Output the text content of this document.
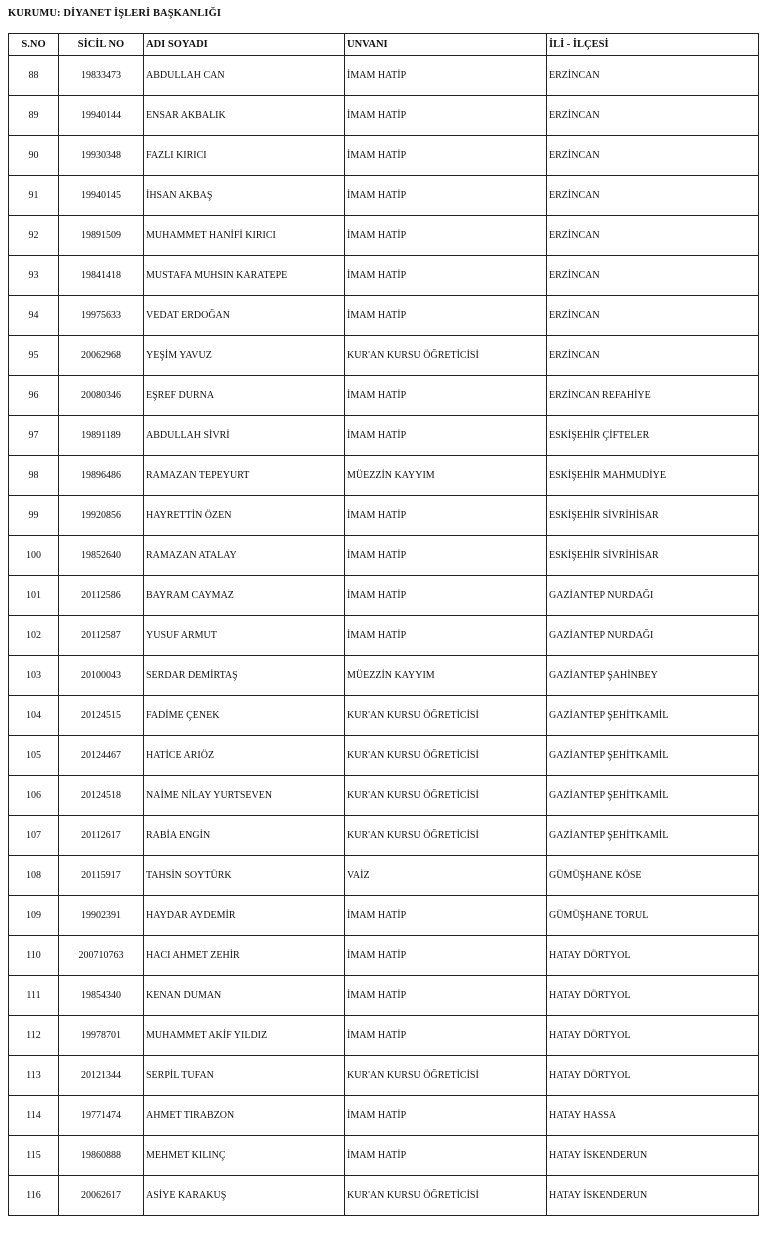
KURUMU: DİYANET İŞLERİ BAŞKANLIĞI
S.NO	SİCİL NO	ADI SOYADI	UNVANI	İLİ - İLÇESİ
88	19833473	ABDULLAH CAN	İMAM HATİP	ERZİNCAN
89	19940144	ENSAR AKBALIK	İMAM HATİP	ERZİNCAN
90	19930348	FAZLI KIRICI	İMAM HATİP	ERZİNCAN
91	19940145	İHSAN AKBAŞ	İMAM HATİP	ERZİNCAN
92	19891509	MUHAMMET HANİFİ KIRICI	İMAM HATİP	ERZİNCAN
93	19841418	MUSTAFA MUHSIN KARATEPE	İMAM HATİP	ERZİNCAN
94	19975633	VEDAT ERDOĞAN	İMAM HATİP	ERZİNCAN
95	20062968	YEŞİM YAVUZ	KUR'AN KURSU ÖĞRETİCİSİ	ERZİNCAN
96	20080346	EŞREF DURNA	İMAM HATİP	ERZİNCAN REFAHİYE
97	19891189	ABDULLAH SİVRİ	İMAM HATİP	ESKİŞEHİR ÇİFTELER
98	19896486	RAMAZAN TEPEYURT	MÜEZZİN KAYYIM	ESKİŞEHİR MAHMUDİYE
99	19920856	HAYRETTİN ÖZEN	İMAM HATİP	ESKİŞEHİR SİVRİHİSAR
100	19852640	RAMAZAN ATALAY	İMAM HATİP	ESKİŞEHİR SİVRİHİSAR
101	20112586	BAYRAM CAYMAZ	İMAM HATİP	GAZİANTEP NURDAĞI
102	20112587	YUSUF ARMUT	İMAM HATİP	GAZİANTEP NURDAĞI
103	20100043	SERDAR DEMİRTAŞ	MÜEZZİN KAYYIM	GAZİANTEP ŞAHİNBEY
104	20124515	FADİME ÇENEK	KUR'AN KURSU ÖĞRETİCİSİ	GAZİANTEP ŞEHİTKAMİL
105	20124467	HATİCE ARIÖZ	KUR'AN KURSU ÖĞRETİCİSİ	GAZİANTEP ŞEHİTKAMİL
106	20124518	NAİME NİLAY YURTSEVEN	KUR'AN KURSU ÖĞRETİCİSİ	GAZİANTEP ŞEHİTKAMİL
107	20112617	RABİA ENGİN	KUR'AN KURSU ÖĞRETİCİSİ	GAZİANTEP ŞEHİTKAMİL
108	20115917	TAHSİN SOYTÜRK	VAİZ	GÜMÜŞHANE KÖSE
109	19902391	HAYDAR AYDEMİR	İMAM HATİP	GÜMÜŞHANE TORUL
110	200710763	HACI AHMET ZEHİR	İMAM HATİP	HATAY DÖRTYOL
111	19854340	KENAN DUMAN	İMAM HATİP	HATAY DÖRTYOL
112	19978701	MUHAMMET AKİF YILDIZ	İMAM HATİP	HATAY DÖRTYOL
113	20121344	SERPİL TUFAN	KUR'AN KURSU ÖĞRETİCİSİ	HATAY DÖRTYOL
114	19771474	AHMET TIRABZON	İMAM HATİP	HATAY HASSA
115	19860888	MEHMET KILINÇ	İMAM HATİP	HATAY İSKENDERUN
116	20062617	ASİYE KARAKUŞ	KUR'AN KURSU ÖĞRETİCİSİ	HATAY İSKENDERUN
